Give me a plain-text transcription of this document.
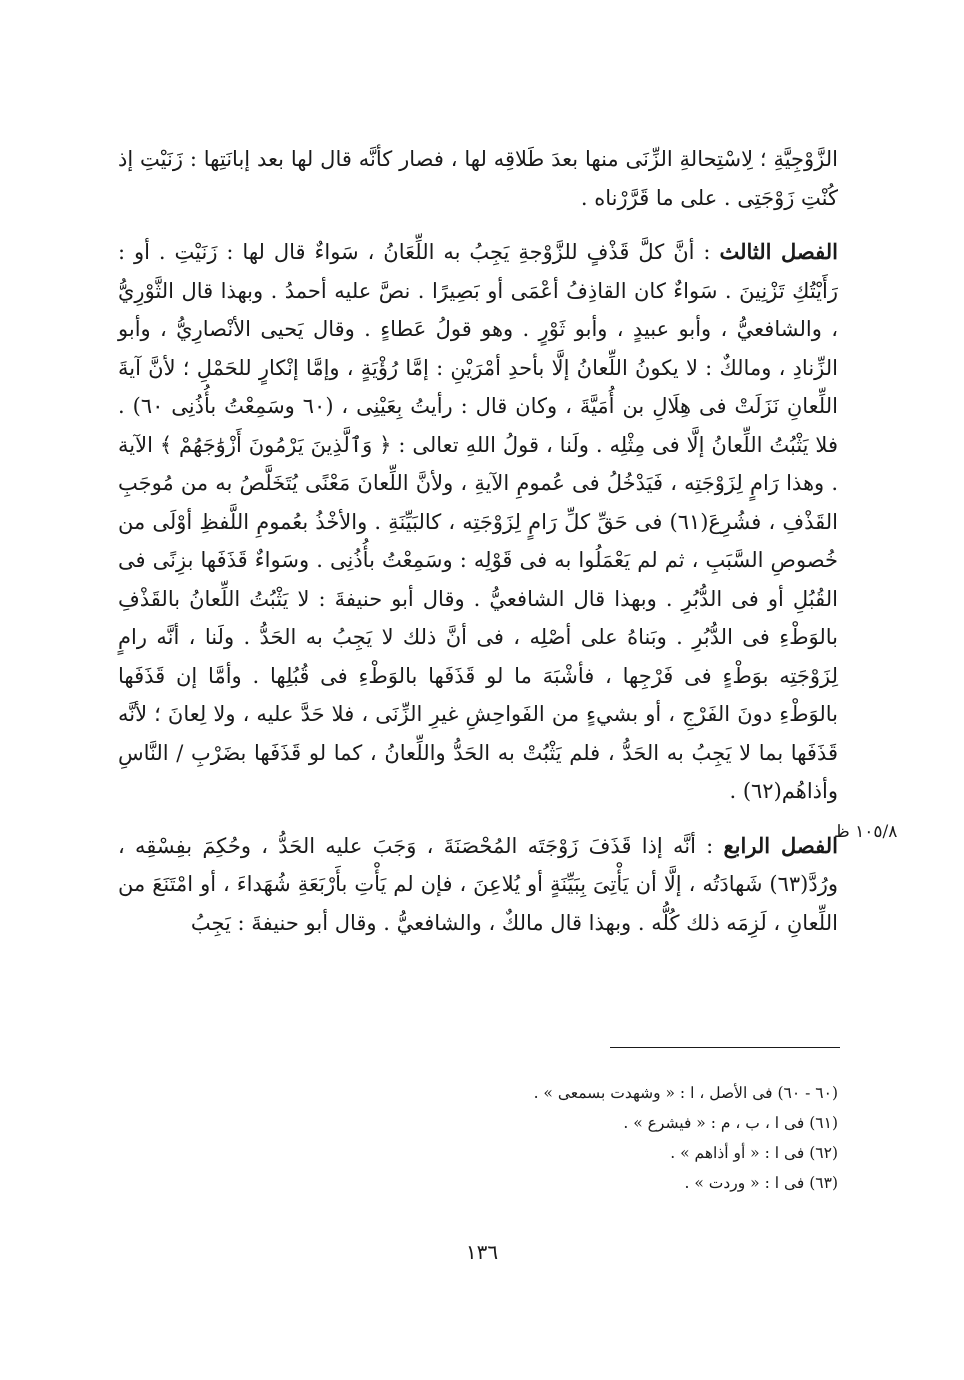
الزَّوْجِيَّةِ ؛ لِاسْتِحالةِ الزِّنَى منها بعدَ طَلاقِه لها ، فصار كأنَّه قال لها بعد إبانَتِها : زَنَيْتِ إذ كُنْتِ زَوْجَتِى . على ما قَرَّرْناه .

الفصل الثالث : أنَّ كلَّ قَذْفٍ للزَّوْجةِ يَجِبُ به اللِّعَانُ ، سَواءٌ قال لها : زَنَيْتِ . أو : رَأَيْتُكِ تَزْنِينَ . سَواءٌ كان القاذِفُ أعْمَى أو بَصِيرًا . نصَّ عليه أحمدُ . وبهذا قال الثَّوْرِيُّ ، والشافعيُّ ، وأبو عبيدٍ ، وأبو ثَوْرٍ . وهو قولُ عَطاءٍ . وقال يَحيى الأنْصارِيُّ ، وأبو الزِّنادِ ، ومالكٌ : لا يكونُ اللِّعانُ إلَّا بأحدِ أمْرَيْنِ : إمَّا رُؤْيَةٍ ، وإمَّا إنْكارٍ للحَمْلِ ؛ لأنَّ آيةَ اللِّعانِ نَزَلَتْ فى هِلَالِ بن أُمَيَّةَ ، وكان قال : رأيتُ بِعَيْنِى ، (٦٠ وسَمِعْتُ بأُذُنِى ٦٠) . فلا يَثْبُتُ اللِّعانُ إلَّا فى مِثْلِه . ولَنا ، قولُ اللهِ تعالى : ﴿ وَٱلَّذِينَ يَرْمُونَ أَزْوَٰجَهُمْ ﴾ الآية . وهذا رَامٍ لِزَوْجَتِه ، فَيَدْخُلُ فى عُمومِ الآيةِ ، ولأنَّ اللِّعانَ مَعْنًى يُتَخَلَّصُ به من مُوجَبِ القَذْفِ ، فشُرِعَ(٦١) فى حَقِّ كلِّ رَامٍ لِزَوْجَتِه ، كالبَيِّنَةِ . والأخْذُ بعُمومِ اللَّفظِ أوْلَى من خُصوصِ السَّبَبِ ، ثم لم يَعْمَلُوا به فى قَوْلِه : وسَمِعْتُ بأُذُنِى . وسَواءٌ قَذَفَها بزِنًى فى القُبُلِ أو فى الدُّبُرِ . وبهذا قال الشافعيُّ . وقال أبو حنيفةَ : لا يَثْبُتُ اللِّعانُ بالقَذْفِ بالوَطْءِ فى الدُّبُرِ . وبَناهُ على أصْلِه ، فى أنَّ ذلك لا يَجِبُ به الحَدُّ . ولَنا ، أنَّه رامٍ لِزَوْجَتِه بوَطْءٍ فى فَرْجِها ، فأشْبَهَ ما لو قَذَفَها بالوَطْءِ فى قُبُلِها . وأمَّا إن قَذَفَها بالوَطْءِ دونَ الفَرْجِ ، أو بشيءٍ من الفَواحِشِ غيرِ الزِّنَى ، فلا حَدَّ عليه ، ولا لِعانَ ؛ لأنَّه قَذَفَها بما لا يَجِبُ به الحَدُّ ، فلم يَثْبُتْ به الحَدُّ واللِّعانُ ، كما لو قَذَفَها بضَرْبِ / النَّاسِ وأذاهُم(٦٢) .

الفصل الرابع : أنَّه إذا قَذَفَ زَوْجَتَه المُحْصَنَةَ ، وَجَبَ عليه الحَدُّ ، وحُكِمَ بفِسْقِه ، ورُدَّ(٦٣) شَهادَتُه ، إلَّا أن يَأْتِىَ بِبَيِّنَةٍ أو يُلاعِنَ ، فإن لم يَأْتِ بأَرْبَعَةِ شُهَداءَ ، أو امْتَنَعَ من اللِّعانِ ، لَزِمَه ذلك كُلُّه . وبهذا قال مالكٌ ، والشافعيُّ . وقال أبو حنيفةَ : يَجِبُ

١٠٥/٨ ظ

(٦٠ - ٦٠) فى الأصل ، ا : « وشهدت بسمعى » .

(٦١) فى ا ، ب ، م : « فيشرع » .

(٦٢) فى ا : « أو أذاهم » .

(٦٣) فى ا : « وردت » .

١٣٦
